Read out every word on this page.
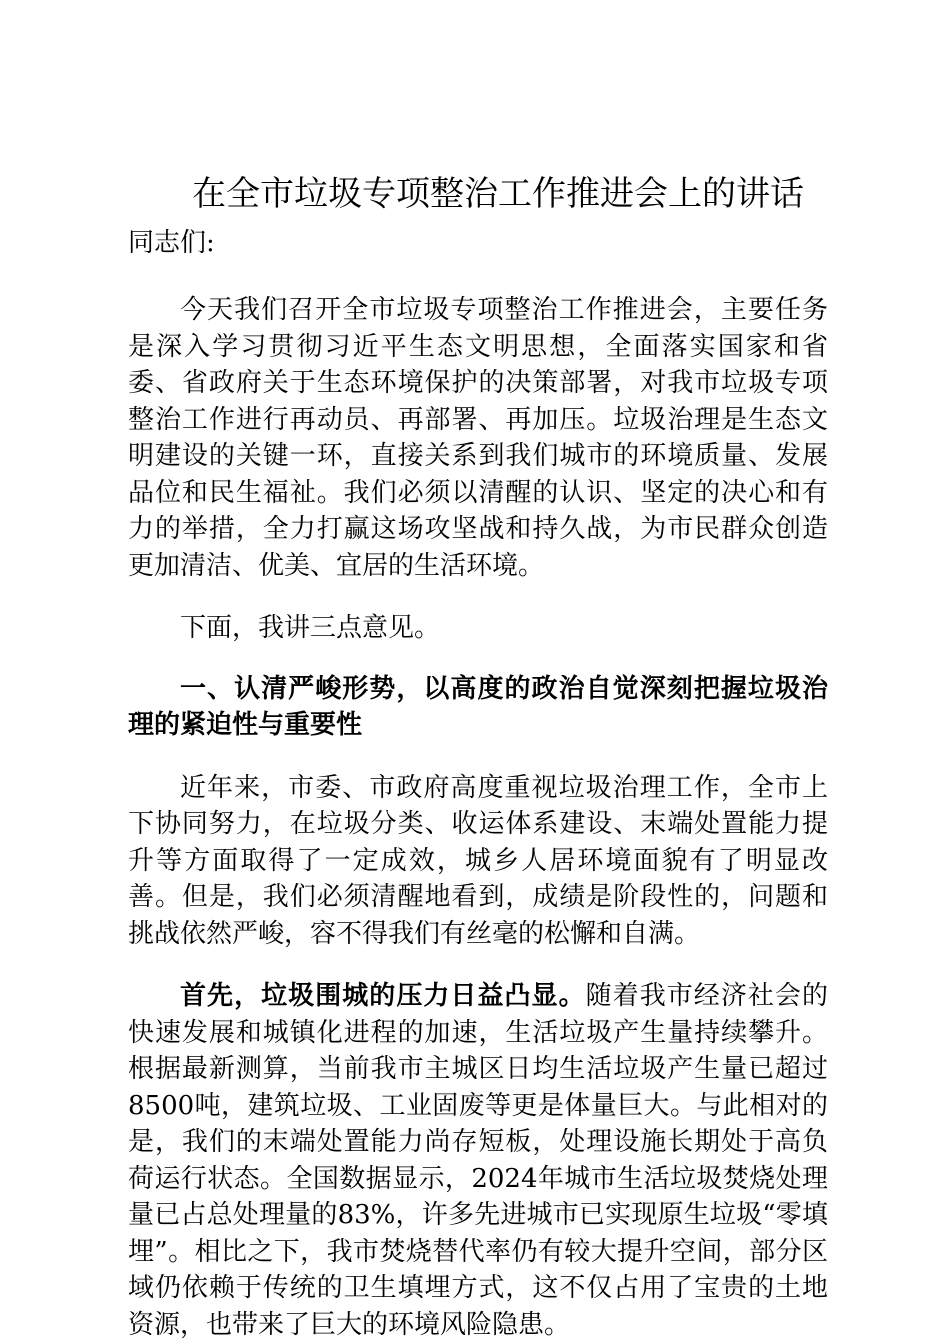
在全市垃圾专项整治工作推进会上的讲话

同志们:

今天我们召开全市垃圾专项整治工作推进会，主要任务是深入学习贯彻习近平生态文明思想，全面落实国家和省委、省政府关于生态环境保护的决策部署，对我市垃圾专项整治工作进行再动员、再部署、再加压。垃圾治理是生态文明建设的关键一环，直接关系到我们城市的环境质量、发展品位和民生福祉。我们必须以清醒的认识、坚定的决心和有力的举措，全力打赢这场攻坚战和持久战，为市民群众创造更加清洁、优美、宜居的生活环境。

下面，我讲三点意见。

一、认清严峻形势，以高度的政治自觉深刻把握垃圾治理的紧迫性与重要性

近年来，市委、市政府高度重视垃圾治理工作，全市上下协同努力，在垃圾分类、收运体系建设、末端处置能力提升等方面取得了一定成效，城乡人居环境面貌有了明显改善。但是，我们必须清醒地看到，成绩是阶段性的，问题和挑战依然严峻，容不得我们有丝毫的松懈和自满。

首先，垃圾围城的压力日益凸显。随着我市经济社会的快速发展和城镇化进程的加速，生活垃圾产生量持续攀升。根据最新测算，当前我市主城区日均生活垃圾产生量已超过8500吨，建筑垃圾、工业固废等更是体量巨大。与此相对的是，我们的末端处置能力尚存短板，处理设施长期处于高负荷运行状态。全国数据显示，2024年城市生活垃圾焚烧处理量已占总处理量的83%，许多先进城市已实现原生垃圾“零填埋”。相比之下，我市焚烧替代率仍有较大提升空间，部分区域仍依赖于传统的卫生填埋方式，这不仅占用了宝贵的土地资源，也带来了巨大的环境风险隐患。
